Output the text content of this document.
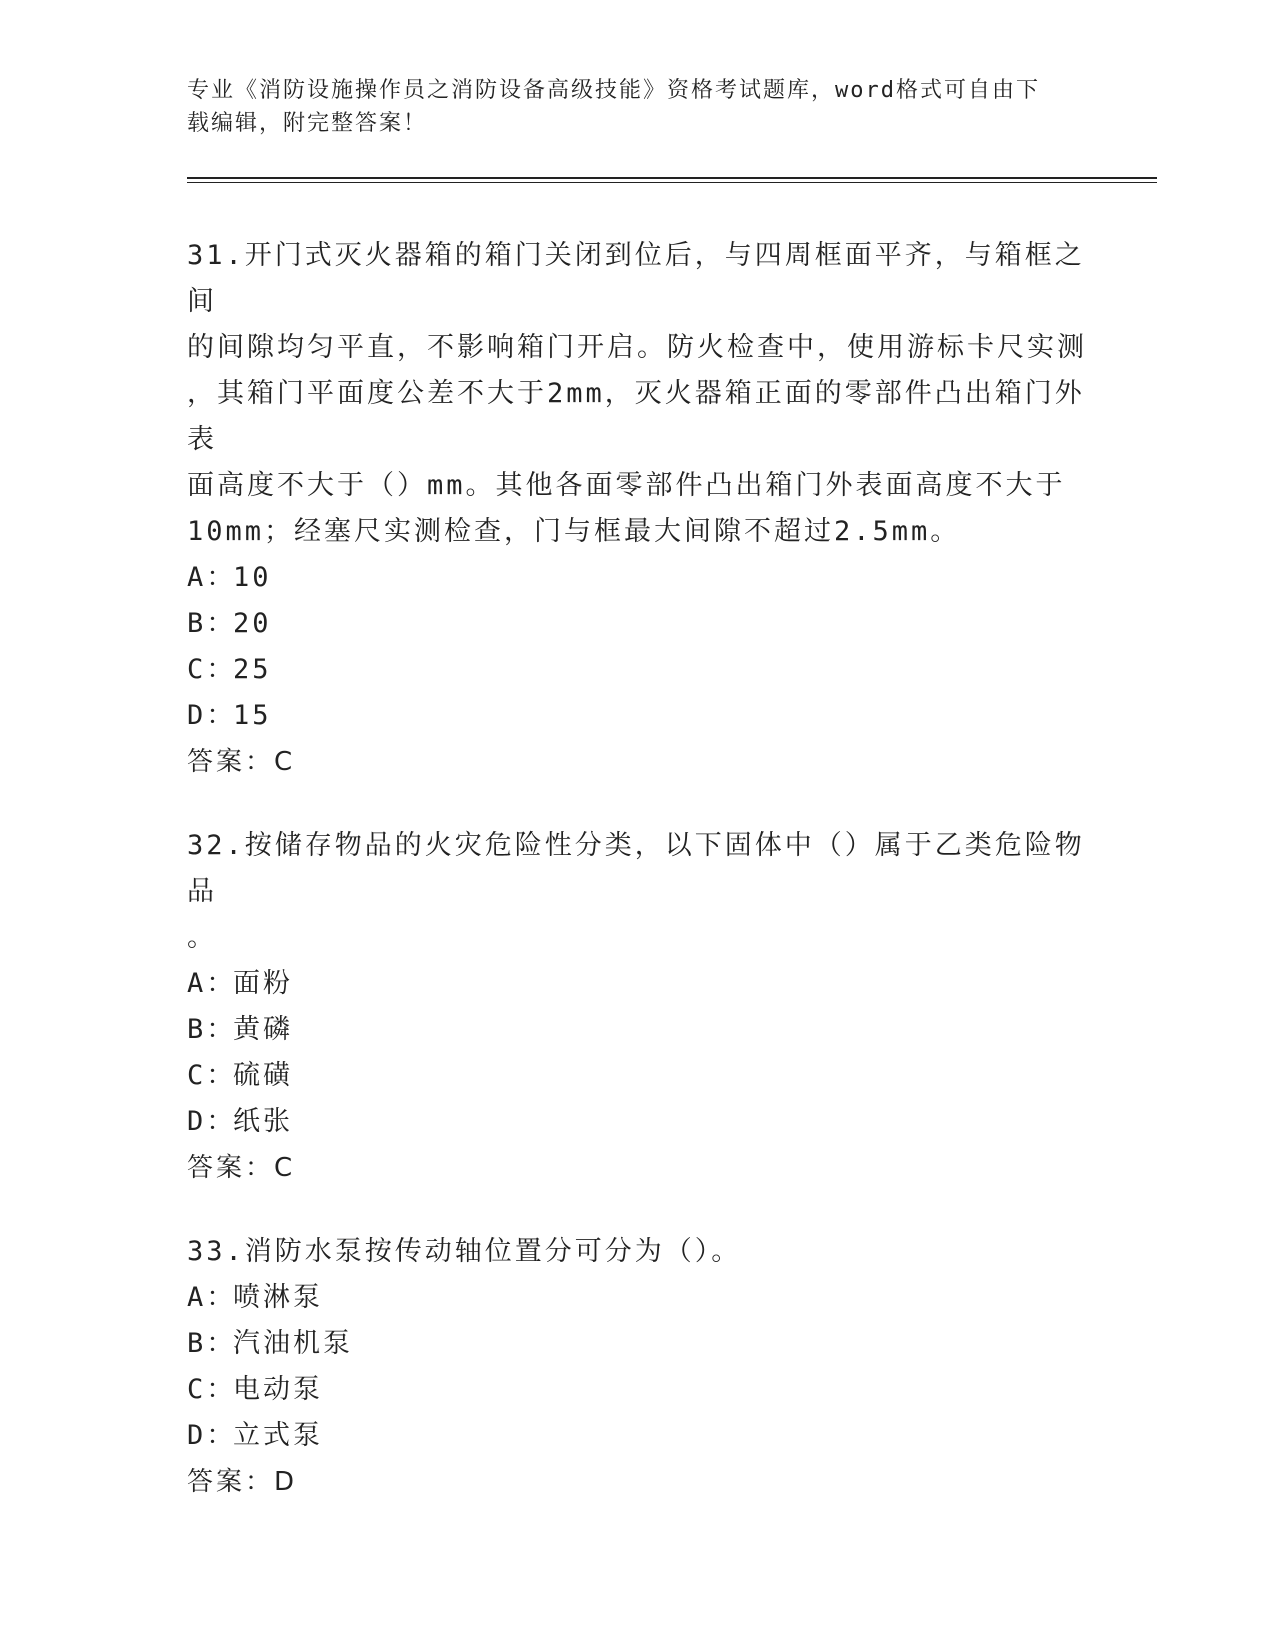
专业《消防设施操作员之消防设备高级技能》资格考试题库，word格式可自由下
载编辑，附完整答案！
31.开门式灭火器箱的箱门关闭到位后，与四周框面平齐，与箱框之间
的间隙均匀平直，不影响箱门开启。防火检查中，使用游标卡尺实测
，其箱门平面度公差不大于2mm，灭火器箱正面的零部件凸出箱门外表
面高度不大于（）mm。其他各面零部件凸出箱门外表面高度不大于
10mm；经塞尺实测检查，门与框最大间隙不超过2.5mm。
A：10
B：20
C：25
D：15
答案：C
32.按储存物品的火灾危险性分类，以下固体中（）属于乙类危险物品
。
A：面粉
B：黄磷
C：硫磺
D：纸张
答案：C
33.消防水泵按传动轴位置分可分为（）。
A：喷淋泵
B：汽油机泵
C：电动泵
D：立式泵
答案：D
